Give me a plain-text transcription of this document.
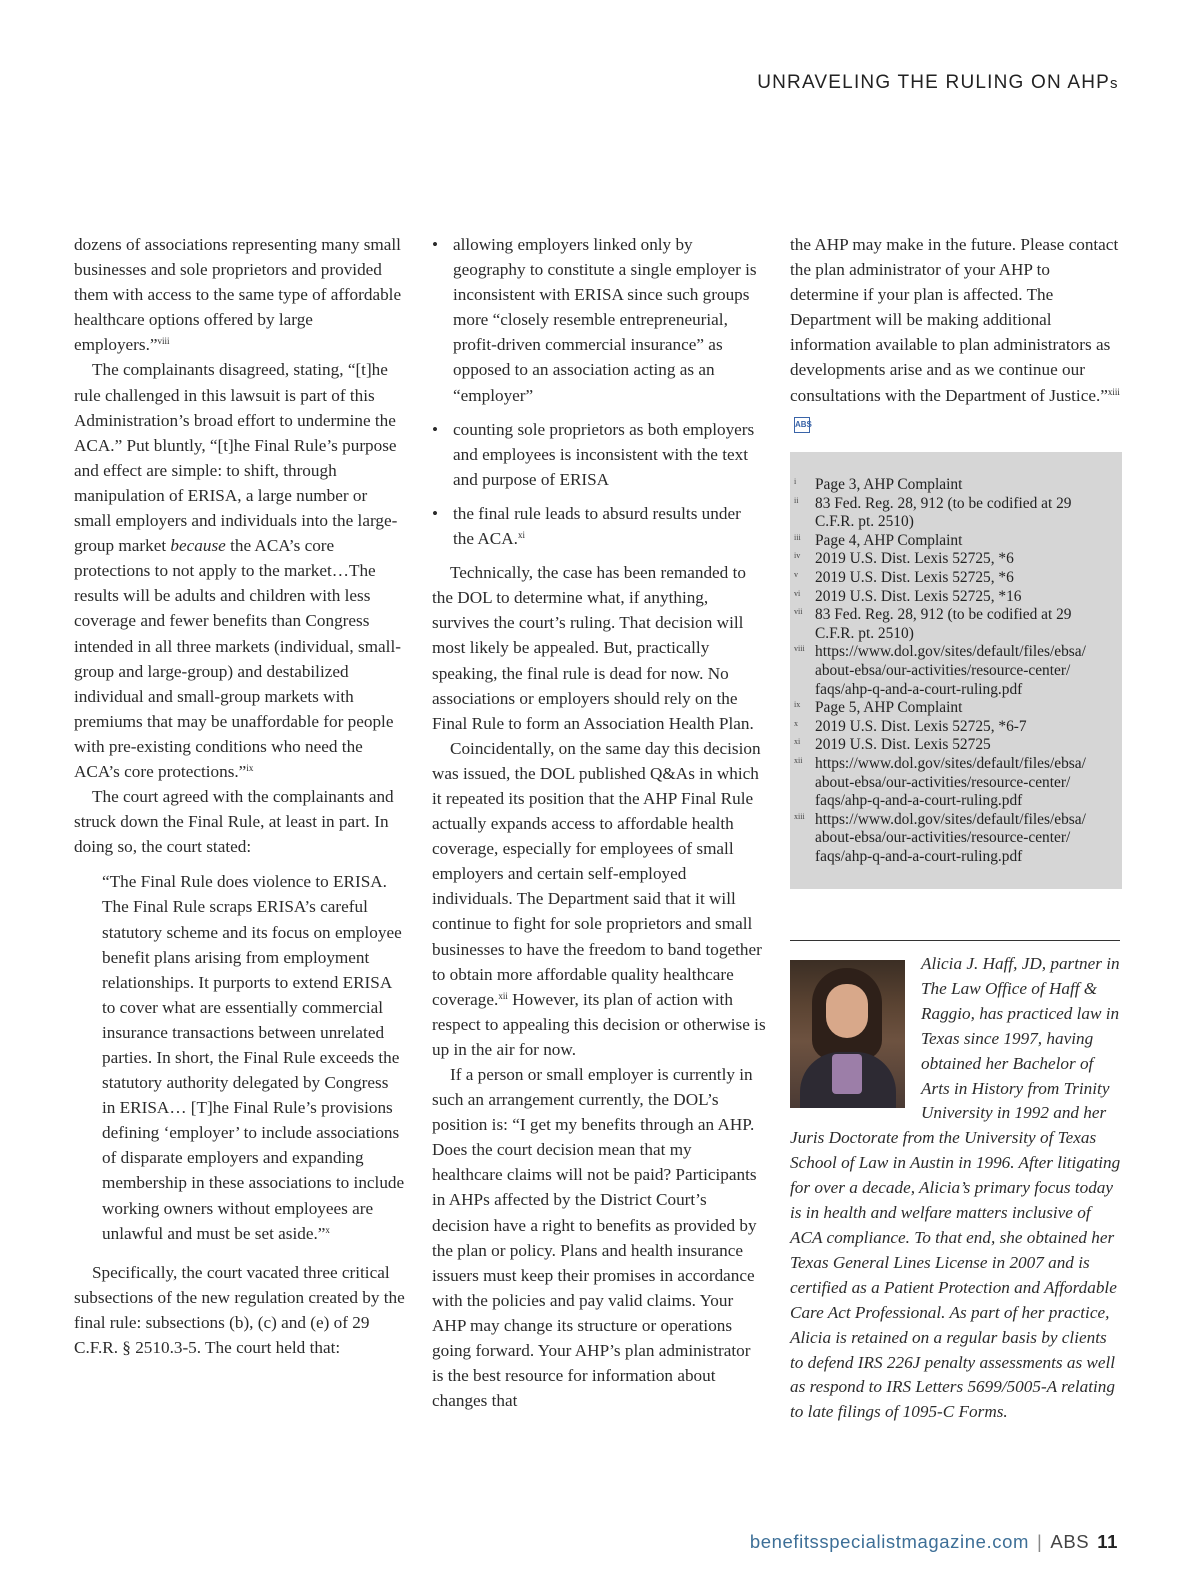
UNRAVELING THE RULING ON AHPs

dozens of associations representing many small businesses and sole proprietors and provided them with access to the same type of affordable healthcare options offered by large employers.”$^{viii}$

The complainants disagreed, stating, “[t]he rule challenged in this lawsuit is part of this Administration’s broad effort to undermine the ACA.” Put bluntly, “[t]he Final Rule’s purpose and effect are simple: to shift, through manipulation of ERISA, a large number or small employers and individuals into the large-group market because the ACA’s core protections to not apply to the market…The results will be adults and children with less coverage and fewer benefits than Congress intended in all three markets (individual, small-group and large-group) and destabilized individual and small-group markets with premiums that may be unaffordable for people with pre-existing conditions who need the ACA’s core protections.”$^{ix}$

The court agreed with the complainants and struck down the Final Rule, at least in part. In doing so, the court stated:

“The Final Rule does violence to ERISA. The Final Rule scraps ERISA’s careful statutory scheme and its focus on employee benefit plans arising from employment relationships. It purports to extend ERISA to cover what are essentially commercial insurance transactions between unrelated parties. In short, the Final Rule exceeds the statutory authority delegated by Congress in ERISA… [T]he Final Rule’s provisions defining ‘employer’ to include associations of disparate employers and expanding membership in these associations to include working owners without employees are unlawful and must be set aside.”$^x$

Specifically, the court vacated three critical subsections of the new regulation created by the final rule: subsections (b), (c) and (e) of 29 C.F.R. § 2510.3-5. The court held that:

• allowing employers linked only by geography to constitute a single employer is inconsistent with ERISA since such groups more “closely resemble entrepreneurial, profit-driven commercial insurance” as opposed to an association acting as an “employer”
• counting sole proprietors as both employers and employees is inconsistent with the text and purpose of ERISA
• the final rule leads to absurd results under the ACA.$^{xi}$

Technically, the case has been remanded to the DOL to determine what, if anything, survives the court’s ruling. That decision will most likely be appealed. But, practically speaking, the final rule is dead for now. No associations or employers should rely on the Final Rule to form an Association Health Plan.

Coincidentally, on the same day this decision was issued, the DOL published Q&As in which it repeated its position that the AHP Final Rule actually expands access to affordable health coverage, especially for employees of small employers and certain self-employed individuals. The Department said that it will continue to fight for sole proprietors and small businesses to have the freedom to band together to obtain more affordable quality healthcare coverage.$^{xii}$ However, its plan of action with respect to appealing this decision or otherwise is up in the air for now.

If a person or small employer is currently in such an arrangement currently, the DOL’s position is: “I get my benefits through an AHP. Does the court decision mean that my healthcare claims will not be paid? Participants in AHPs affected by the District Court’s decision have a right to benefits as provided by the plan or policy. Plans and health insurance issuers must keep their promises in accordance with the policies and pay valid claims. Your AHP may change its structure or operations going forward. Your AHP’s plan administrator is the best resource for information about changes that

the AHP may make in the future. Please contact the plan administrator of your AHP to determine if your plan is affected. The Department will be making additional information available to plan administrators as developments arise and as we continue our consultations with the Department of Justice.”$^{xiii}$ABS

i Page 3, AHP Complaint
ii 83 Fed. Reg. 28, 912 (to be codified at 29 C.F.R. pt. 2510)
iii Page 4, AHP Complaint
iv 2019 U.S. Dist. Lexis 52725, *6
v 2019 U.S. Dist. Lexis 52725, *6
vi 2019 U.S. Dist. Lexis 52725, *16
vii 83 Fed. Reg. 28, 912 (to be codified at 29 C.F.R. pt. 2510)
viii https://www.dol.gov/sites/default/files/ebsa/ about-ebsa/our-activities/resource-center/ faqs/ahp-q-and-a-court-ruling.pdf
ix Page 5, AHP Complaint
x 2019 U.S. Dist. Lexis 52725, *6-7
xi 2019 U.S. Dist. Lexis 52725
xii https://www.dol.gov/sites/default/files/ebsa/ about-ebsa/our-activities/resource-center/ faqs/ahp-q-and-a-court-ruling.pdf
xiii https://www.dol.gov/sites/default/files/ebsa/ about-ebsa/our-activities/resource-center/ faqs/ahp-q-and-a-court-ruling.pdf
Alicia J. Haff, JD, partner in The Law Office of Haff & Raggio, has practiced law in Texas since 1997, having obtained her Bachelor of Arts in History from Trinity University in 1992 and her Juris Doctorate from the University of Texas School of Law in Austin in 1996. After litigating for over a decade, Alicia’s primary focus today is in health and welfare matters inclusive of ACA compliance. To that end, she obtained her Texas General Lines License in 2007 and is certified as a Patient Protection and Affordable Care Act Professional. As part of her practice, Alicia is retained on a regular basis by clients to defend IRS 226J penalty assessments as well as respond to IRS Letters 5699/5005-A relating to late filings of 1095-C Forms.
benefitsspecialistmagazine.com | ABS 11
